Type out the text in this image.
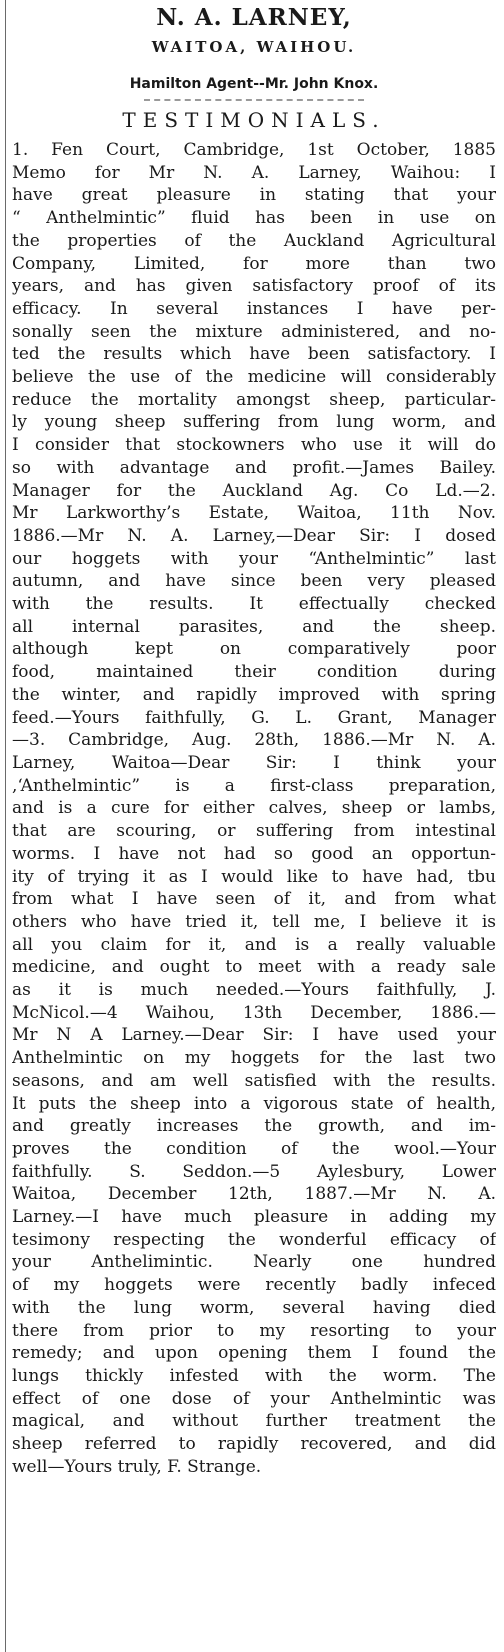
N. A. LARNEY,
WAITOA, WAIHOU.
Hamilton Agent--Mr. John Knox.
TESTIMONIALS.
1. Fen Court, Cambridge, 1st October, 1885
Memo for Mr N. A. Larney, Waihou: I
have great pleasure in stating that your
“ Anthelmintic” fluid has been in use on
the properties of the Auckland Agricultural
Company, Limited, for more than two
years, and has given satisfactory proof of its
efficacy. In several instances I have per-
sonally seen the mixture administered, and no-
ted the results which have been satisfactory. I
believe the use of the medicine will considerably
reduce the mortality amongst sheep, particular-
ly young sheep suffering from lung worm, and
I consider that stockowners who use it will do
so with advantage and profit.—James Bailey.
Manager for the Auckland Ag. Co Ld.—2.
Mr Larkworthy’s Estate, Waitoa, 11th Nov.
1886.—Mr N. A. Larney,—Dear Sir: I dosed
our hoggets with your “Anthelmintic” last
autumn, and have since been very pleased
with the results. It effectually checked
all internal parasites, and the sheep.
although kept on comparatively poor
food, maintained their condition during
the winter, and rapidly improved with spring
feed.—Yours faithfully, G. L. Grant, Manager
—3. Cambridge, Aug. 28th, 1886.—Mr N. A.
Larney, Waitoa—Dear Sir: I think your
,‘Anthelmintic” is a first-class preparation,
and is a cure for either calves, sheep or lambs,
that are scouring, or suffering from intestinal
worms. I have not had so good an opportun-
ity of trying it as I would like to have had, tbu
from what I have seen of it, and from what
others who have tried it, tell me, I believe it is
all you claim for it, and is a really valuable
medicine, and ought to meet with a ready sale
as it is much needed.—Yours faithfully, J.
McNicol.—4 Waihou, 13th December, 1886.—
Mr N A Larney.—Dear Sir: I have used your
Anthelmintic on my hoggets for the last two
seasons, and am well satisfied with the results.
It puts the sheep into a vigorous state of health,
and greatly increases the growth, and im-
proves the condition of the wool.—Your
faithfully. S. Seddon.—5 Aylesbury, Lower
Waitoa, December 12th, 1887.—Mr N. A.
Larney.—I have much pleasure in adding my
tesimony respecting the wonderful efficacy of
your Anthelimintic. Nearly one hundred
of my hoggets were recently badly infeced
with the lung worm, several having died
there from prior to my resorting to your
remedy; and upon opening them I found the
lungs thickly infested with the worm. The
effect of one dose of your Anthelmintic was
magical, and without further treatment the
sheep referred to rapidly recovered, and did
well—Yours truly, F. Strange.
